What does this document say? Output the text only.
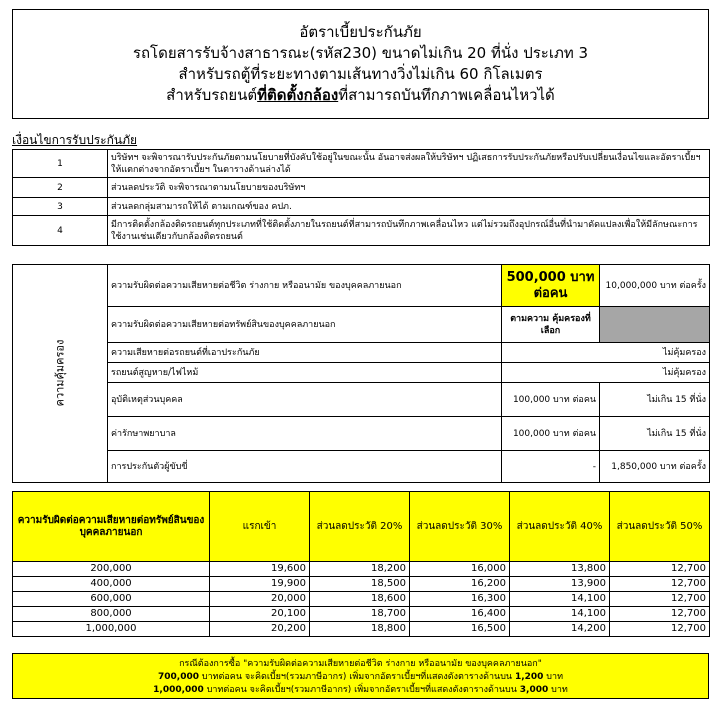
อัตราเบี้ยประกันภัย
รถโดยสารรับจ้างสาธารณะ(รหัส230) ขนาดไม่เกิน 20 ที่นั่ง ประเภท 3
สำหรับรถตู้ที่ระยะทางตามเส้นทางวิ่งไม่เกิน 60 กิโลเมตร
สำหรับรถยนต์ที่ติดตั้งกล้องที่สามารถบันทึกภาพเคลื่อนไหวได้
เงื่อนไขการรับประกันภัย
1	บริษัทฯ จะพิจารณารับประกันภัยตามนโยบายที่บังคับใช้อยู่ในขณะนั้น อันอาจส่งผลให้บริษัทฯ ปฏิเสธการรับประกันภัยหรือปรับเปลี่ยนเงื่อนไขและอัตราเบี้ยฯ ให้แตกต่างจากอัตราเบี้ยฯ ในตารางด้านล่างได้
2	ส่วนลดประวัติ จะพิจารณาตามนโยบายของบริษัทฯ
3	ส่วนลดกลุ่มสามารถให้ได้ ตามเกณฑ์ของ คปภ.
4	มีการติดตั้งกล้องติดรถยนต์ทุกประเภทที่ใช้ติดตั้งภายในรถยนต์ที่สามารถบันทึกภาพเคลื่อนไหว แต่ไม่รวมถึงอุปกรณ์อื่นที่นำมาดัดแปลงเพื่อให้มีลักษณะการใช้งานเช่นเดียวกับกล้องติดรถยนต์
ความคุ้มครอง	ความรับผิดต่อความเสียหายต่อชีวิต ร่างกาย หรืออนามัย ของบุคคลภายนอก	500,000 บาท ต่อคน	10,000,000 บาท ต่อครั้ง
	ความรับผิดต่อความเสียหายต่อทรัพย์สินของบุคคลภายนอก	ตามความ คุ้มครองที่เลือก	
	ความเสียหายต่อรถยนต์ที่เอาประกันภัย	ไม่คุ้มครอง	
	รถยนต์สูญหาย/ไฟไหม้	ไม่คุ้มครอง	
	อุบัติเหตุส่วนบุคคล	100,000 บาท ต่อคน	ไม่เกิน 15 ที่นั่ง
	ค่ารักษาพยาบาล	100,000 บาท ต่อคน	ไม่เกิน 15 ที่นั่ง
	การประกันตัวผู้ขับขี่	-	1,850,000 บาท ต่อครั้ง
ความรับผิดต่อความเสียหายต่อทรัพย์สินของบุคคลภายนอก	แรกเข้า	ส่วนลดประวัติ 20%	ส่วนลดประวัติ 30%	ส่วนลดประวัติ 40%	ส่วนลดประวัติ 50%
200,000	19,600	18,200	16,000	13,800	12,700
400,000	19,900	18,500	16,200	13,900	12,700
600,000	20,000	18,600	16,300	14,100	12,700
800,000	20,100	18,700	16,400	14,100	12,700
1,000,000	20,200	18,800	16,500	14,200	12,700
กรณีต้องการซื้อ "ความรับผิดต่อความเสียหายต่อชีวิต ร่างกาย หรืออนามัย ของบุคคลภายนอก"
700,000 บาทต่อคน จะคิดเบี้ยฯ(รวมภาษีอากร) เพิ่มจากอัตราเบี้ยฯที่แสดงดังตารางด้านบน 1,200 บาท
1,000,000 บาทต่อคน จะคิดเบี้ยฯ(รวมภาษีอากร) เพิ่มจากอัตราเบี้ยฯที่แสดงดังตารางด้านบน 3,000 บาท
